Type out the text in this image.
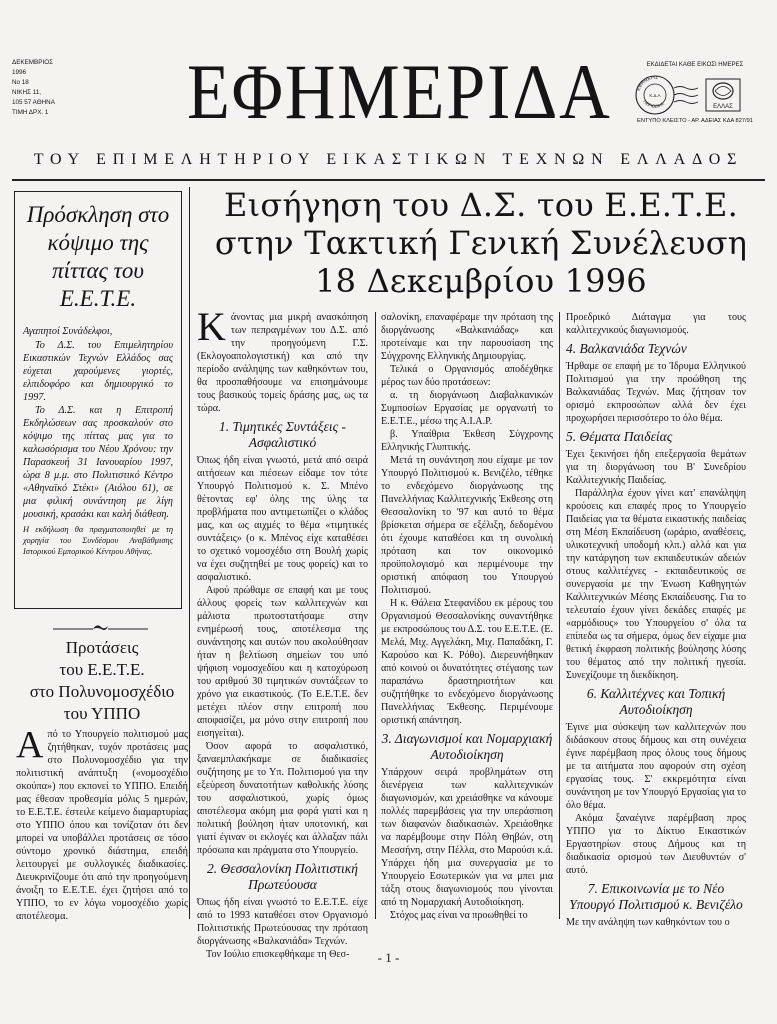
ΔΕΚΕΜΒΡΙΟΣ
1996
Νο 18
ΝΙΚΗΣ 11,
105 57 ΑΘΗΝΑ
ΤΙΜΗ ΔΡΧ. 1 ΕΦΗΜΕΡΙΔΑ	ΕΚΔΙΔΕΤΑΙ ΚΑΘΕ ΕΙΚΟΣΙ ΗΜΕΡΕΣ
ΕΦΗΜΕΡΙΣ
ΠΕΡΙΟΔΙΚΑ
Κ.Δ.Α
ΕΛΛΑΣ
ΕΝΤΥΠΟ ΚΛΕΙΣΤΟ - ΑΡ. ΑΔΕΙΑΣ ΚΔΑ 827/91
ΤΟΥ ΕΠΙΜΕΛΗΤΗΡΙΟΥ ΕΙΚΑΣΤΙΚΩΝ ΤΕΧΝΩΝ ΕΛΛΑΔΟΣ
Πρόσκληση στο κόψιμο της πίττας του Ε.Ε.Τ.Ε.

Αγαπητοί Συνάδελφοι,

Το Δ.Σ. του Επιμελητηρίου Εικαστικών Τεχνών Ελλάδος σας εύχεται χαρούμενες γιορτές, ελπιδοφόρο και δημιουργικό το 1997.

Το Δ.Σ. και η Επιτροπή Εκδηλώσεων σας προσκαλούν στο κόψιμο της πίττας μας για το καλωσόρισμα του Νέου Χρόνου: την Παρασκευή 31 Ιανουαρίου 1997, ώρα 8 μ.μ. στο Πολιτιστικό Κέντρο «Αθηναϊκό Στέκι» (Αιόλου 61), σε μια φιλική συνάντηση με λίγη μουσική, κρασάκι και καλή διάθεση.

Η εκδήλωση θα πραγματοποιηθεί με τη χορηγία του Συνδέσμου Αναβάθμισης Ιστορικού Εμπορικού Κέντρου Αθήνας.

Προτάσεις
του Ε.Ε.Τ.Ε.
στο Πολυνομοσχέδιο
του ΥΠΠΟ
Από το Υπουργείο πολιτισμού μας ζητήθηκαν, τυχόν προτάσεις μας στο Πολυνομοσχέδιο για την πολιτιστική ανάπτυξη («νομοσχέδιο σκούπα») που εκπονεί το ΥΠΠΟ. Επειδή μας έθεσαν προθεσμία μόλις 5 ημερών, το Ε.Ε.Τ.Ε. έστειλε κείμενο διαμαρτυρίας στο ΥΠΠΟ όπου και τονίζοταν ότι δεν μπορεί να υποβάλλει προτάσεις σε τόσο σύντομο χρονικό διάστημα, επειδή λειτουργεί με συλλογικές διαδικασίες. Διευκρινίζουμε ότι από την προηγούμενη άνοιξη το Ε.Ε.Τ.Ε. έχει ζητήσει από το ΥΠΠΟ, το εν λόγω νομοσχέδιο χωρίς αποτέλεσμα.
Εισήγηση του Δ.Σ. του Ε.Ε.Τ.Ε. στην Τακτική Γενική Συνέλευση 18 Δεκεμβρίου 1996

Κάνοντας μια μικρή ανασκόπηση των πεπραγμένων του Δ.Σ. από την προηγούμενη Γ.Σ. (Εκλογοαπολογιστική) και από την περίοδο ανάληψης των καθηκόντων του, θα προσπαθήσουμε να επισημάνουμε τους βασικούς τομείς δράσης μας, ως τα τώρα.

1. Τιμητικές Συντάξεις - Ασφαλιστικό

Όπως ήδη είναι γνωστό, μετά από σειρά αιτήσεων και πιέσεων είδαμε τον τότε Υπουργό Πολιτισμού κ. Σ. Μπένο θέτοντας εφ' όλης της ύλης τα προβλήματα που αντιμετωπίζει ο κλάδος μας, και ως αιχμές το θέμα «τιμητικές συντάξεις» (ο κ. Μπένος είχε καταθέσει το σχετικό νομοσχέδιο στη Βουλή χωρίς να έχει συζητηθεί με τους φορείς) και το ασφαλιστικό.

Αφού πρώθαμε σε επαφή και με τους άλλους φορείς των καλλιτεχνών και μάλιστα πρωτοστατήσαμε στην ενημέρωσή τους, αποτέλεσμα της συνάντησης και αυτών που ακολούθησαν ήταν η βελτίωση σημείων του υπό ψήφιση νομοσχεδίου και η κατοχύρωση του αριθμού 30 τιμητικών συντάξεων το χρόνο για εικαστικούς. (Το Ε.Ε.Τ.Ε. δεν μετέχει πλέον στην επιτροπή που αποφασίζει, μα μόνο στην επιτροπή που εισηγείται).

Όσον αφορά το ασφαλιστικό, ξαναεμπλακήκαμε σε διαδικασίες συζήτησης με το Υπ. Πολιτισμού για την εξεύρεση δυνατοτήτων καθολικής λύσης του ασφαλιστικού, χωρίς όμως αποτέλεσμα ακόμη μια φορά γιατί και η πολιτική βούληση ήταν υποτονική, και γιατί έγιναν οι εκλογές και άλλαξαν πάλι πρόσωπα και πράγματα στο Υπουργείο.

2. Θεσσαλονίκη Πολιτιστική Πρωτεύουσα

Όπως ήδη είναι γνωστό το Ε.Ε.Τ.Ε. είχε από το 1993 καταθέσει στον Οργανισμό Πολιτιστικής Πρωτεύουσας την πρόταση διοργάνωσης «Βαλκανιάδα» Τεχνών.

Τον Ιούλιο επισκεφθήκαμε τη Θεσ-

σαλονίκη, επαναφέραμε την πρόταση της διοργάνωσης «Βαλκανιάδας» και προτείναμε και την παρουσίαση της Σύγχρονης Ελληνικής Δημιουργίας.

Τελικά ο Οργανισμός αποδέχθηκε μέρος των δύο προτάσεων:

α. τη διοργάνωση Διαβαλκανικών Συμποσίων Εργασίας με οργανωτή το Ε.Ε.Τ.Ε., μέσω της Α.Ι.Α.Ρ.

β. Υπαίθρια Έκθεση Σύγχρονης Ελληνικής Γλυπτικής.

Μετά τη συνάντηση που είχαμε με τον Υπουργό Πολιτισμού κ. Βενιζέλο, τέθηκε το ενδεχόμενο διοργάνωσης της Πανελλήνιας Καλλιτεχνικής Έκθεσης στη Θεσσαλονίκη το '97 και αυτό το θέμα βρίσκεται σήμερα σε εξέλιξη, δεδομένου ότι έχουμε καταθέσει και τη συνολική πρόταση και τον οικονομικό προϋπολογισμό και περιμένουμε την οριστική απόφαση του Υπουργού Πολιτισμού.

Η κ. Θάλεια Στεφανίδου εκ μέρους του Οργανισμού Θεσσαλονίκης συναντήθηκε με εκπροσώπους του Δ.Σ. του Ε.Ε.Τ.Ε. (Ε. Μελά, Μιχ. Αγγελάκη, Μιχ. Παπαδάκη, Γ. Καρούσο και Κ. Ρόθο). Διερευνήθηκαν από κοινού οι δυνατότητες στέγασης των παραπάνω δραστηριοτήτων και συζητήθηκε το ενδεχόμενο διοργάνωσης Πανελλήνιας Έκθεσης. Περιμένουμε οριστική απάντηση.

3. Διαγωνισμοί και Νομαρχιακή Αυτοδιοίκηση

Υπάρχουν σειρά προβλημάτων στη διενέργεια των καλλιτεχνικών διαγωνισμών, και χρειάσθηκε να κάνουμε πολλές παρεμβάσεις για την υπεράσπιση των διαφανών διαδικασιών. Χρειάσθηκε να παρέμβουμε στην Πόλη Θηβών, στη Μεσσήνη, στην Πέλλα, στο Μαρούσι κ.ά. Υπάρχει ήδη μια συνεργασία με το Υπουργείο Εσωτερικών για να μπει μια τάξη στους διαγωνισμούς που γίνονται από τη Νομαρχιακή Αυτοδιοίκηση.

Στόχος μας είναι να προωθηθεί το

Προεδρικό Διάταγμα για τους καλλιτεχνικούς διαγωνισμούς.

4. Βαλκανιάδα Τεχνών

Ήρθαμε σε επαφή με το Ίδρυμα Ελληνικού Πολιτισμού για την προώθηση της Βαλκανιάδας Τεχνών. Μας ζήτησαν τον ορισμό εκπροσώπων αλλά δεν έχει προχωρήσει περισσότερο το όλο θέμα.

5. Θέματα Παιδείας

Έχει ξεκινήσει ήδη επεξεργασία θεμάτων για τη διοργάνωση του Β' Συνεδρίου Καλλιτεχνικής Παιδείας.

Παράλληλα έχουν γίνει κατ' επανάληψη κρούσεις και επαφές προς το Υπουργείο Παιδείας για τα θέματα εικαστικής παιδείας στη Μέση Εκπαίδευση (ωράριο, αναθέσεις, υλικοτεχνική υποδομή κλπ.) αλλά και για την κατάργηση των εκπαιδευτικών αδειών στους καλλιτέχνες - εκπαιδευτικούς σε συνεργασία με την Ένωση Καθηγητών Καλλιτεχνικών Μέσης Εκπαίδευσης. Για το τελευταίο έχουν γίνει δεκάδες επαφές με «αρμόδιους» του Υπουργείου σ' όλα τα επίπεδα ως τα σήμερα, όμως δεν είχαμε μια θετική έκφραση πολιτικής βούλησης λύσης του θέματος από την πολιτική ηγεσία. Συνεχίζουμε τη διεκδίκηση.

6. Καλλιτέχνες και Τοπική Αυτοδιοίκηση

Έγινε μια σύσκεψη των καλλιτεχνών που διδάσκουν στους δήμους και στη συνέχεια έγινε παρέμβαση προς όλους τους δήμους με τα αιτήματα που αφορούν στη σχέση εργασίας τους. Σ' εκκρεμότητα είναι συνάντηση με τον Υπουργό Εργασίας για το όλο θέμα.

Ακόμα ξαναέγινε παρέμβαση προς ΥΠΠΟ για το Δίκτυο Εικαστικών Εργαστηρίων στους Δήμους και τη διαδικασία ορισμού των Διευθυντών σ' αυτό.

7. Επικοινωνία με το Νέο Υπουργό Πολιτισμού κ. Βενιζέλο

Με την ανάληψη των καθηκόντων του ο

- 1 -
